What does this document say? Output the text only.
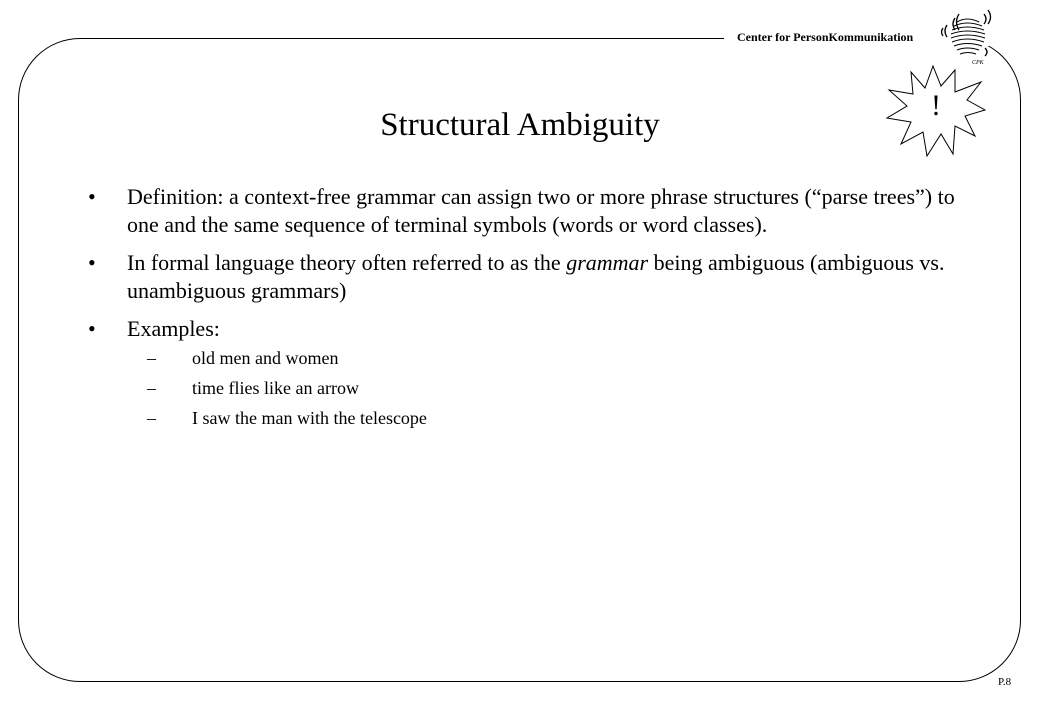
Center for PersonKommunikation
CPK
!
Structural Ambiguity
• Definition: a context-free grammar can assign two or more phrase structures (“parse trees”) to one and the same sequence of terminal symbols (words or word classes).
• In formal language theory often referred to as the grammar being ambiguous (ambiguous vs. unambiguous grammars)
• Examples:
– old men and women
– time flies like an arrow
– I saw the man with the telescope
P.8
